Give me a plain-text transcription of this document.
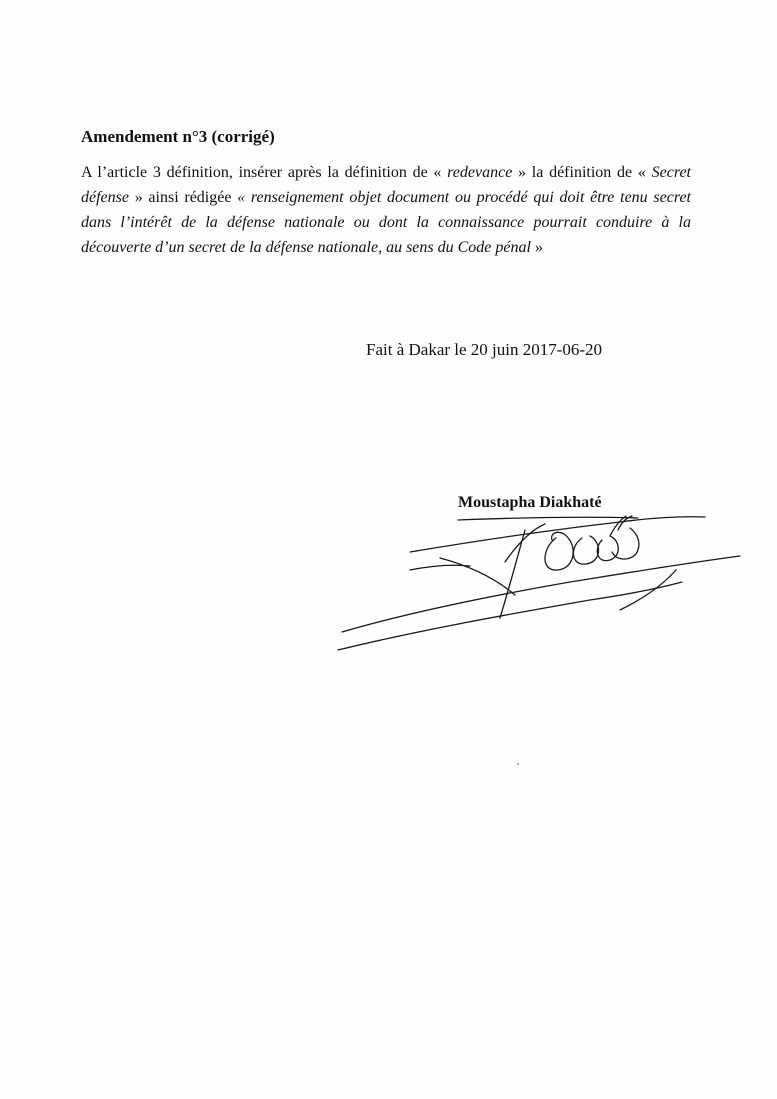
Amendement n°3 (corrigé)

A l’article 3 définition, insérer après la définition de « redevance » la définition de « Secret défense » ainsi rédigée « renseignement objet document ou procédé qui doit être tenu secret dans l’intérêt de la défense nationale ou dont la connaissance pourrait conduire à la découverte d’un secret de la défense nationale, au sens du Code pénal »

Fait à Dakar le 20 juin 2017-06-20
Moustapha Diakhaté
